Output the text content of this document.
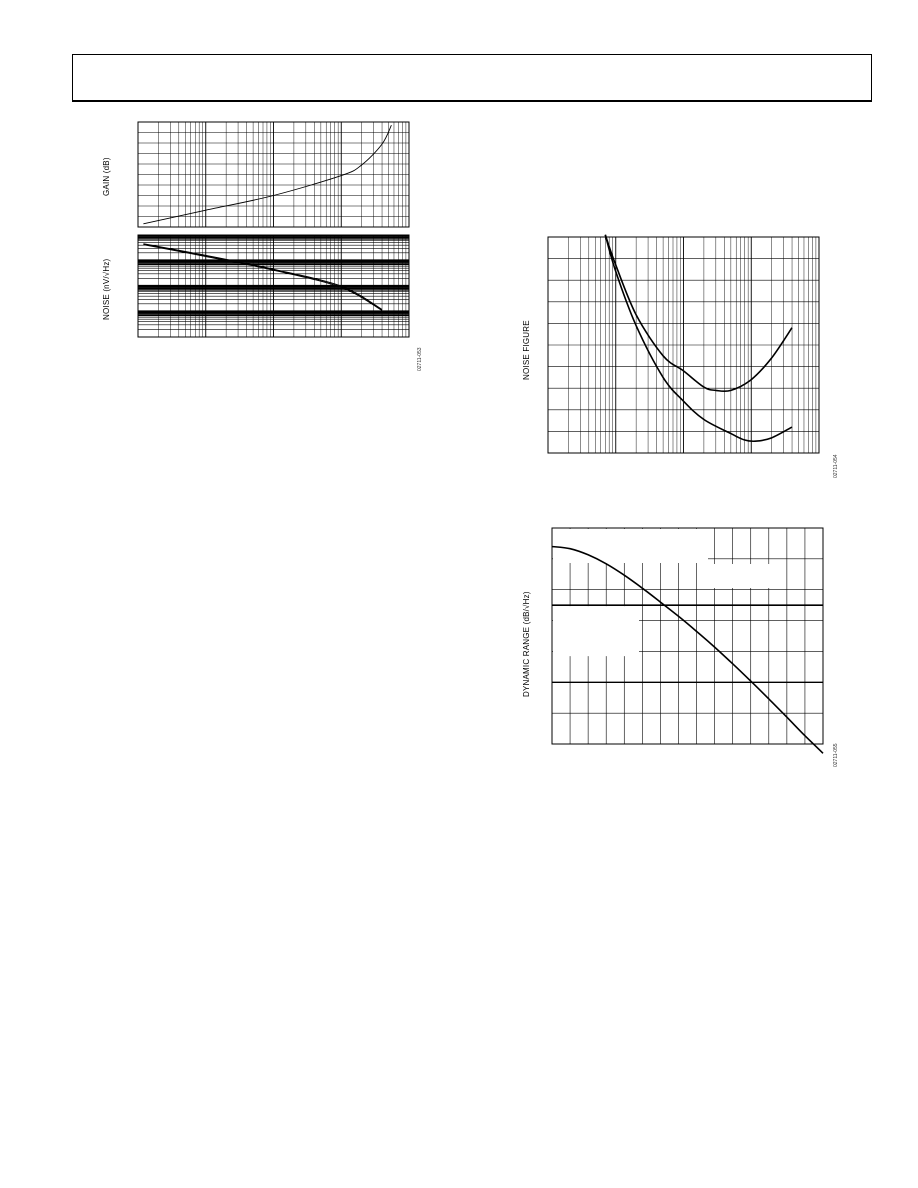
GAIN (dB)
NOISE (nV/√Hz)
02711-053	NOISE FIGURE
02711-054
DYNAMIC RANGE (dB/√Hz)
02711-055
